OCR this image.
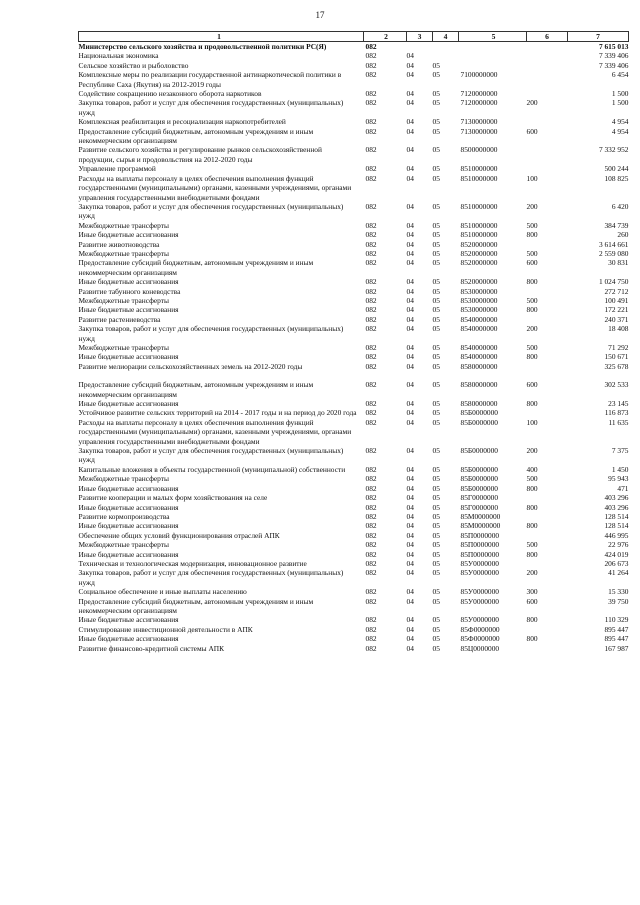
17
1	2	3	4	5	6	7
Министерство сельского хозяйства и продовольственной политики РС(Я)	082					7 615 013
Национальная экономика	082	04				7 339 406
Сельское хозяйство и рыболовство	082	04	05			7 339 406
Комплексные меры по реализации государственной антинаркотической политики в Республике Саха (Якутия) на 2012-2019 годы	082	04	05	7100000000		6 454
Содействие сокращению незаконного оборота наркотиков	082	04	05	7120000000		1 500
Закупка товаров, работ и услуг для обеспечения государственных (муниципальных) нужд	082	04	05	7120000000	200	1 500
Комплексная реабилитация и ресоциализация наркопотребителей	082	04	05	7130000000		4 954
Предоставление субсидий бюджетным, автономным учреждениям и иным некоммерческим организациям	082	04	05	7130000000	600	4 954
Развитие сельского хозяйства и регулирование рынков сельскохозяйственной продукции, сырья и продовольствия на 2012-2020 годы	082	04	05	8500000000		7 332 952
Управление программой	082	04	05	8510000000		500 244
Расходы на выплаты персоналу в целях обеспечения выполнения функций государственными (муниципальными) органами, казенными учреждениями, органами управления государственными внебюджетными фондами	082	04	05	8510000000	100	108 825
Закупка товаров, работ и услуг для обеспечения государственных (муниципальных) нужд	082	04	05	8510000000	200	6 420
Межбюджетные трансферты	082	04	05	8510000000	500	384 739
Иные бюджетные ассигнования	082	04	05	8510000000	800	260
Развитие животноводства	082	04	05	8520000000		3 614 661
Межбюджетные трансферты	082	04	05	8520000000	500	2 559 080
Предоставление субсидий бюджетным, автономным учреждениям и иным некоммерческим организациям	082	04	05	8520000000	600	30 831
Иные бюджетные ассигнования	082	04	05	8520000000	800	1 024 750
Развитие табунного коневодства	082	04	05	8530000000		272 712
Межбюджетные трансферты	082	04	05	8530000000	500	100 491
Иные бюджетные ассигнования	082	04	05	8530000000	800	172 221
Развитие растениеводства	082	04	05	8540000000		240 371
Закупка товаров, работ и услуг для обеспечения государственных (муниципальных) нужд	082	04	05	8540000000	200	18 408
Межбюджетные трансферты	082	04	05	8540000000	500	71 292
Иные бюджетные ассигнования	082	04	05	8540000000	800	150 671
Развитие мелиорации сельскохозяйственных земель на 2012-2020 годы	082	04	05	8580000000		325 678
Предоставление субсидий бюджетным, автономным учреждениям и иным некоммерческим организациям	082	04	05	8580000000	600	302 533
Иные бюджетные ассигнования	082	04	05	8580000000	800	23 145
Устойчивое развитие сельских территорий на 2014 - 2017 годы и на период до 2020 года	082	04	05	85Б0000000		116 873
Расходы на выплаты персоналу в целях обеспечения выполнения функций государственными (муниципальными) органами, казенными учреждениями, органами управления государственными внебюджетными фондами	082	04	05	85Б0000000	100	11 635
Закупка товаров, работ и услуг для обеспечения государственных (муниципальных) нужд	082	04	05	85Б0000000	200	7 375
Капитальные вложения в объекты государственной (муниципальной) собственности	082	04	05	85Б0000000	400	1 450
Межбюджетные трансферты	082	04	05	85Б0000000	500	95 943
Иные бюджетные ассигнования	082	04	05	85Б0000000	800	471
Развитие кооперации и малых форм хозяйствования на селе	082	04	05	85Г0000000		403 296
Иные бюджетные ассигнования	082	04	05	85Г0000000	800	403 296
Развитие кормопроизводства	082	04	05	85М0000000		128 514
Иные бюджетные ассигнования	082	04	05	85М0000000	800	128 514
Обеспечение общих условий функционирования отраслей АПК	082	04	05	85П0000000		446 995
Межбюджетные трансферты	082	04	05	85П0000000	500	22 976
Иные бюджетные ассигнования	082	04	05	85П0000000	800	424 019
Техническая и технологическая модернизация, инновационное развитие	082	04	05	85У0000000		206 673
Закупка товаров, работ и услуг для обеспечения государственных (муниципальных) нужд	082	04	05	85У0000000	200	41 264
Социальное обеспечение и иные выплаты населению	082	04	05	85У0000000	300	15 330
Предоставление субсидий бюджетным, автономным учреждениям и иным некоммерческим организациям	082	04	05	85У0000000	600	39 750
Иные бюджетные ассигнования	082	04	05	85У0000000	800	110 329
Стимулирование инвестиционной деятельности в АПК	082	04	05	85Ф0000000		895 447
Иные бюджетные ассигнования	082	04	05	85Ф0000000	800	895 447
Развитие финансово-кредитной системы АПК	082	04	05	85Ц0000000		167 987
